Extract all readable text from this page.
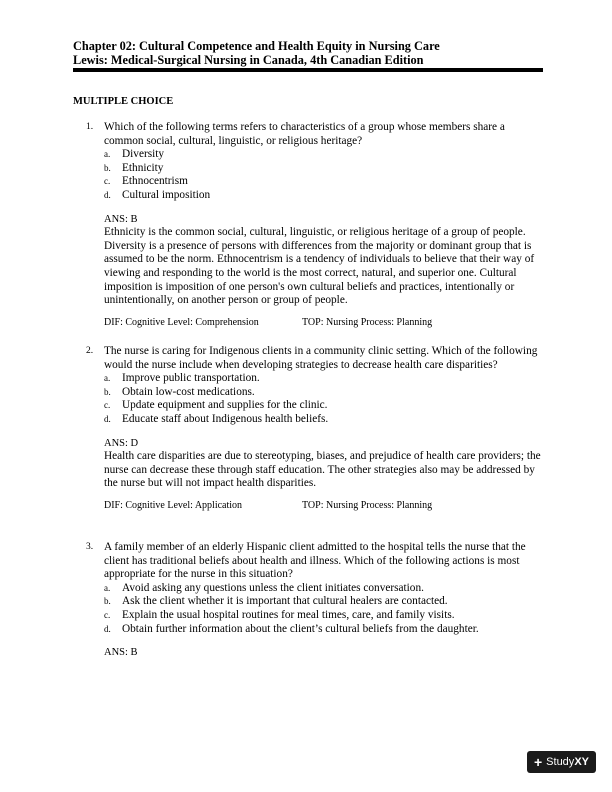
Chapter 02: Cultural Competence and Health Equity in Nursing Care
Lewis: Medical-Surgical Nursing in Canada, 4th Canadian Edition
MULTIPLE CHOICE
1. Which of the following terms refers to characteristics of a group whose members share a common social, cultural, linguistic, or religious heritage?
a.	Diversity
b. Ethnicity
c.	Ethnocentrism
d. Cultural imposition
ANS: B
Ethnicity is the common social, cultural, linguistic, or religious heritage of a group of people. Diversity is a presence of persons with differences from the majority or dominant group that is assumed to be the norm. Ethnocentrism is a tendency of individuals to believe that their way of viewing and responding to the world is the most correct, natural, and superior one. Cultural imposition is imposition of one person's own cultural beliefs and practices, intentionally or unintentionally, on another person or group of people.
DIF: Cognitive Level: Comprehension	TOP: Nursing Process: Planning
2. The nurse is caring for Indigenous clients in a community clinic setting. Which of the following would the nurse include when developing strategies to decrease health care disparities?
a.	Improve public transportation.
b. Obtain low-cost medications.
c.	Update equipment and supplies for the clinic.
d. Educate staff about Indigenous health beliefs.
ANS: D
Health care disparities are due to stereotyping, biases, and prejudice of health care providers; the nurse can decrease these through staff education. The other strategies also may be addressed by the nurse but will not impact health disparities.
DIF: Cognitive Level: Application	TOP: Nursing Process: Planning
3. A family member of an elderly Hispanic client admitted to the hospital tells the nurse that the client has traditional beliefs about health and illness. Which of the following actions is most appropriate for the nurse in this situation?
a.	Avoid asking any questions unless the client initiates conversation.
b. Ask the client whether it is important that cultural healers are contacted.
c.	Explain the usual hospital routines for meal times, care, and family visits.
d. Obtain further information about the client’s cultural beliefs from the daughter.
ANS: B
+ StudyXY
